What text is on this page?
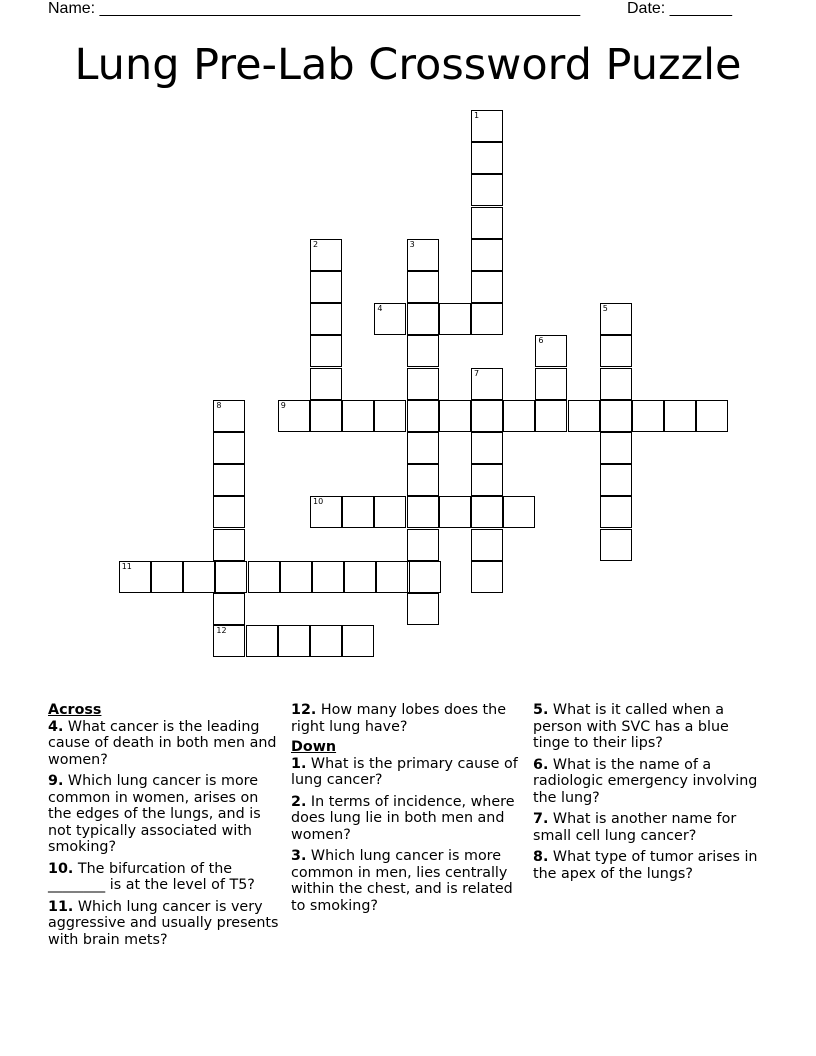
Name: ______________________________________________________	Date: _______
Lung Pre-Lab Crossword Puzzle
1
2	3
4	5
6
7
8
12
9
10
11
Across
4. What cancer is the leading cause of death in both men and women?
9. Which lung cancer is more common in women, arises on the edges of the lungs, and is not typically associated with smoking?
10. The bifurcation of the ________ is at the level of T5?
11. Which lung cancer is very aggressive and usually presents with brain mets?
12. How many lobes does the right lung have?
Down
1. What is the primary cause of lung cancer?
2. In terms of incidence, where does lung lie in both men and women?
3. Which lung cancer is more common in men, lies centrally within the chest, and is related to smoking?
5. What is it called when a person with SVC has a blue tinge to their lips?
6. What is the name of a radiologic emergency involving the lung?
7. What is another name for small cell lung cancer?
8. What type of tumor arises in the apex of the lungs?
